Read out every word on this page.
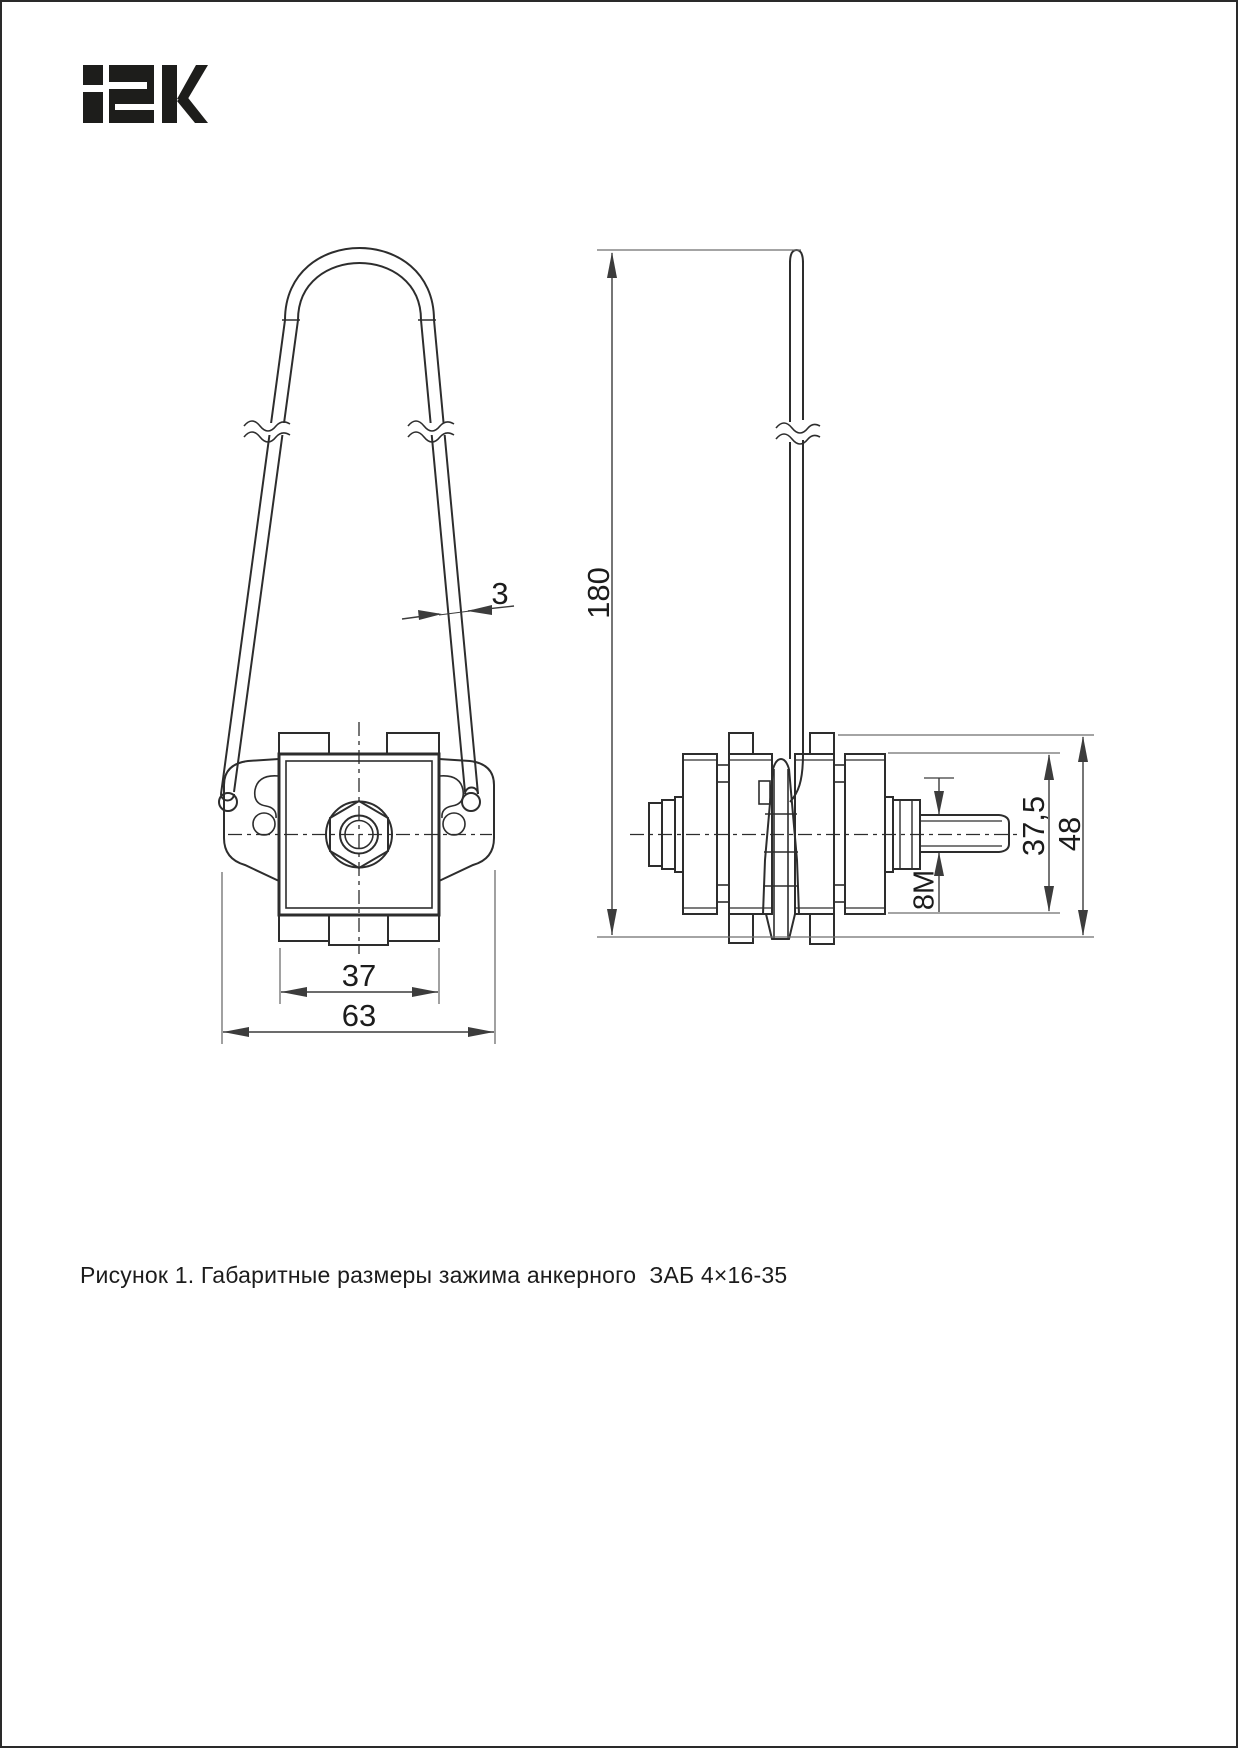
3
37
63
180
8M
37,5 48
Рисунок 1. Габаритные размеры зажима анкерного  ЗАБ 4×16-35
